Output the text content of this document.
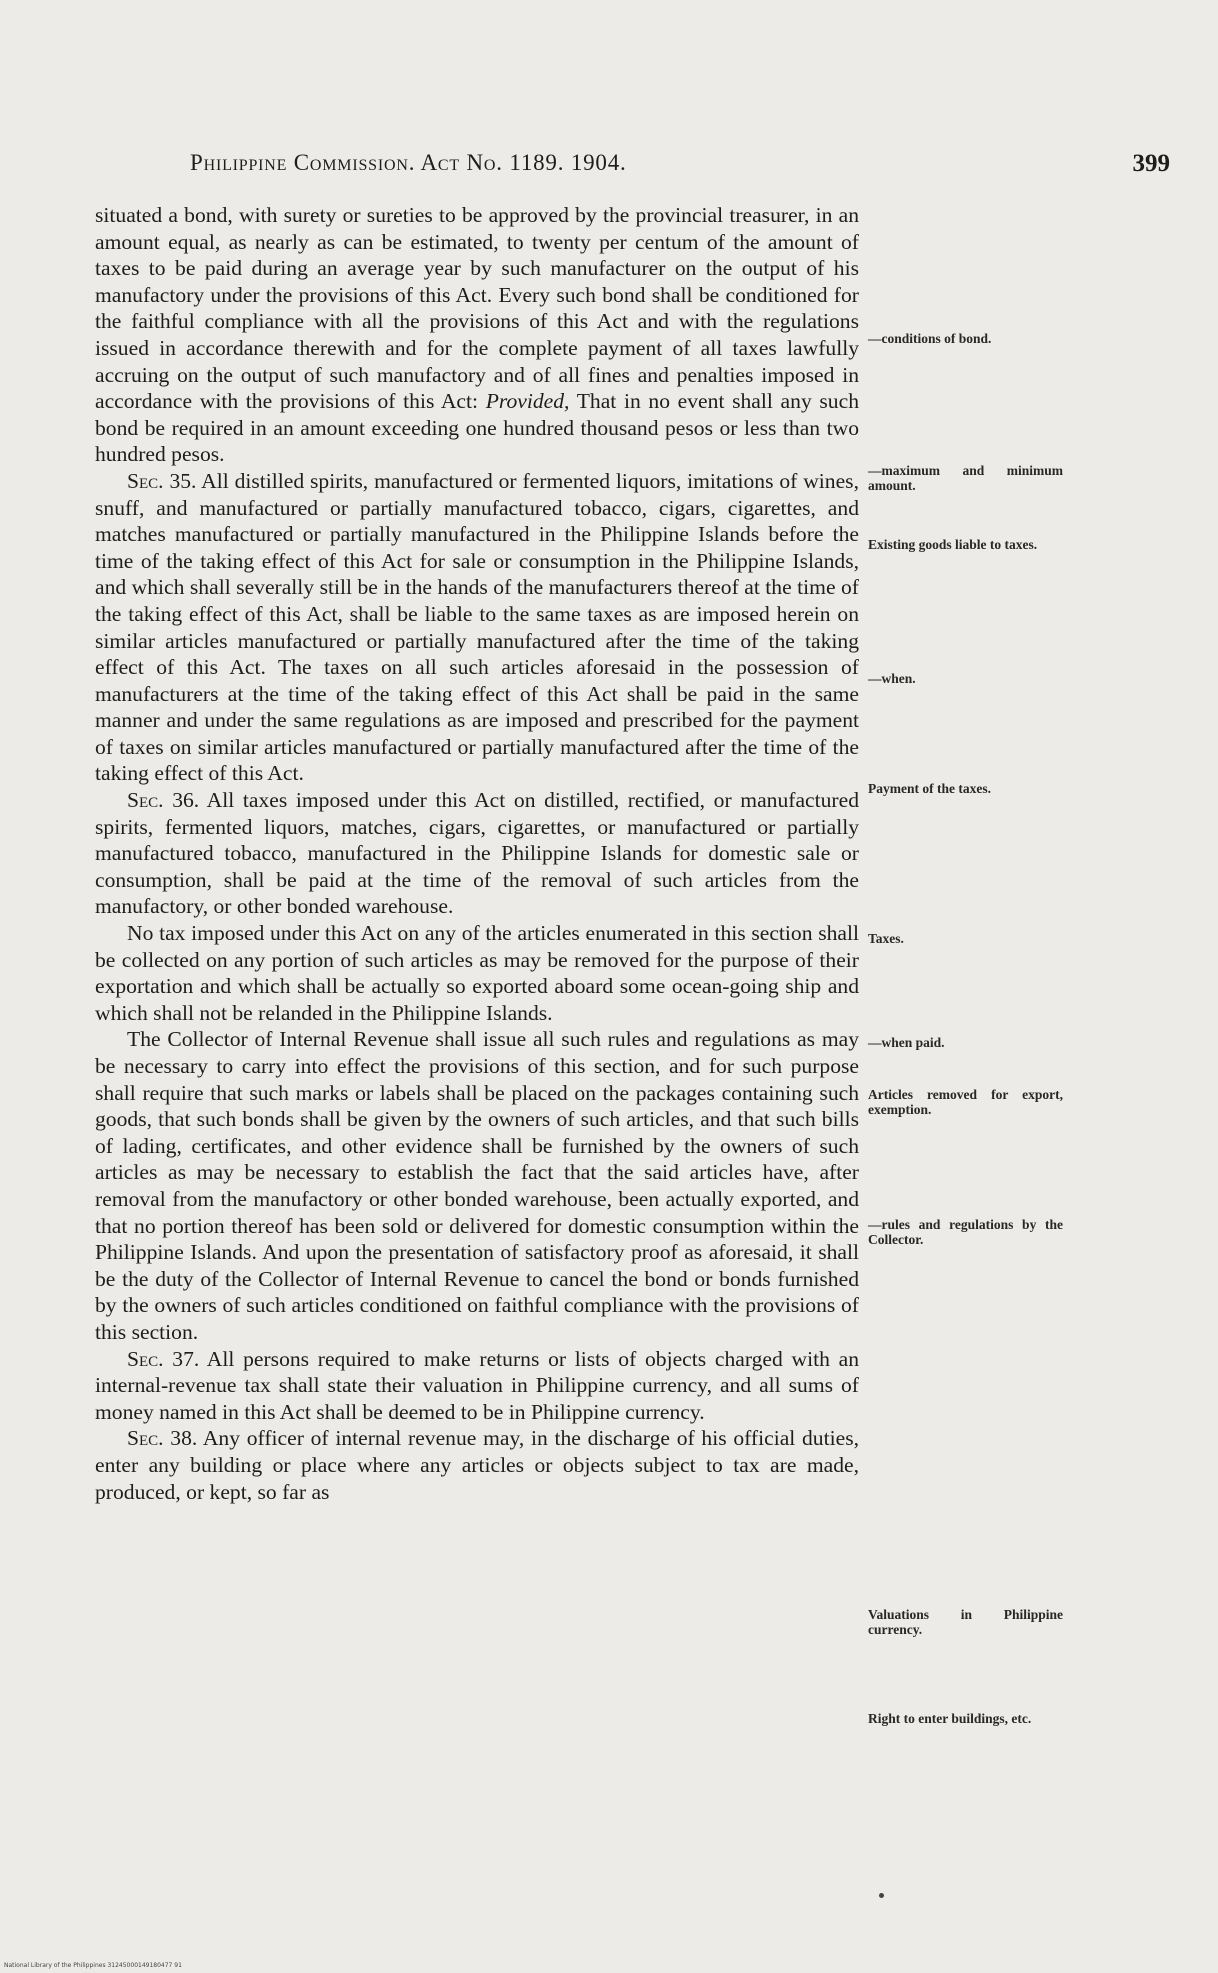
Philippine Commission. Act No. 1189. 1904.	399

situated a bond, with surety or sureties to be approved by the provincial treasurer, in an amount equal, as nearly as can be estimated, to twenty per centum of the amount of taxes to be paid during an average year by such manufacturer on the output of his manufactory under the provisions of this Act. Every such bond shall be conditioned for the faithful compliance with all the provisions of this Act and with the regulations issued in accordance therewith and for the complete payment of all taxes lawfully accruing on the output of such manufactory and of all fines and penalties imposed in accordance with the provisions of this Act: Provided, That in no event shall any such bond be required in an amount exceeding one hundred thousand pesos or less than two hundred pesos.

Sec. 35. All distilled spirits, manufactured or fermented liquors, imitations of wines, snuff, and manufactured or partially manufactured tobacco, cigars, cigarettes, and matches manufactured or partially manufactured in the Philippine Islands before the time of the taking effect of this Act for sale or consumption in the Philippine Islands, and which shall severally still be in the hands of the manufacturers thereof at the time of the taking effect of this Act, shall be liable to the same taxes as are imposed herein on similar articles manufactured or partially manufactured after the time of the taking effect of this Act. The taxes on all such articles aforesaid in the possession of manufacturers at the time of the taking effect of this Act shall be paid in the same manner and under the same regulations as are imposed and prescribed for the payment of taxes on similar articles manufactured or partially manufactured after the time of the taking effect of this Act.

Sec. 36. All taxes imposed under this Act on distilled, rectified, or manufactured spirits, fermented liquors, matches, cigars, cigarettes, or manufactured or partially manufactured tobacco, manufactured in the Philippine Islands for domestic sale or consumption, shall be paid at the time of the removal of such articles from the manufactory, or other bonded warehouse.

No tax imposed under this Act on any of the articles enumerated in this section shall be collected on any portion of such articles as may be removed for the purpose of their exportation and which shall be actually so exported aboard some ocean-going ship and which shall not be relanded in the Philippine Islands.

The Collector of Internal Revenue shall issue all such rules and regulations as may be necessary to carry into effect the provisions of this section, and for such purpose shall require that such marks or labels shall be placed on the packages containing such goods, that such bonds shall be given by the owners of such articles, and that such bills of lading, certificates, and other evidence shall be furnished by the owners of such articles as may be necessary to establish the fact that the said articles have, after removal from the manufactory or other bonded warehouse, been actually exported, and that no portion thereof has been sold or delivered for domestic consumption within the Philippine Islands. And upon the presentation of satisfactory proof as aforesaid, it shall be the duty of the Collector of Internal Revenue to cancel the bond or bonds furnished by the owners of such articles conditioned on faithful compliance with the provisions of this section.

Sec. 37. All persons required to make returns or lists of objects charged with an internal-revenue tax shall state their valuation in Philippine currency, and all sums of money named in this Act shall be deemed to be in Philippine currency.

Sec. 38. Any officer of internal revenue may, in the discharge of his official duties, enter any building or place where any articles or objects subject to tax are made, produced, or kept, so far as

—conditions of bond.
—maximum and minimum amount.
Existing goods liable to taxes.
—when.
Payment of the taxes.
Taxes.
—when paid.
Articles removed for export, exemption.
—rules and regulations by the Collector.
Valuations in Philippine currency.
Right to enter buildings, etc.
National Library of the Philippines 31245000149180477 91
